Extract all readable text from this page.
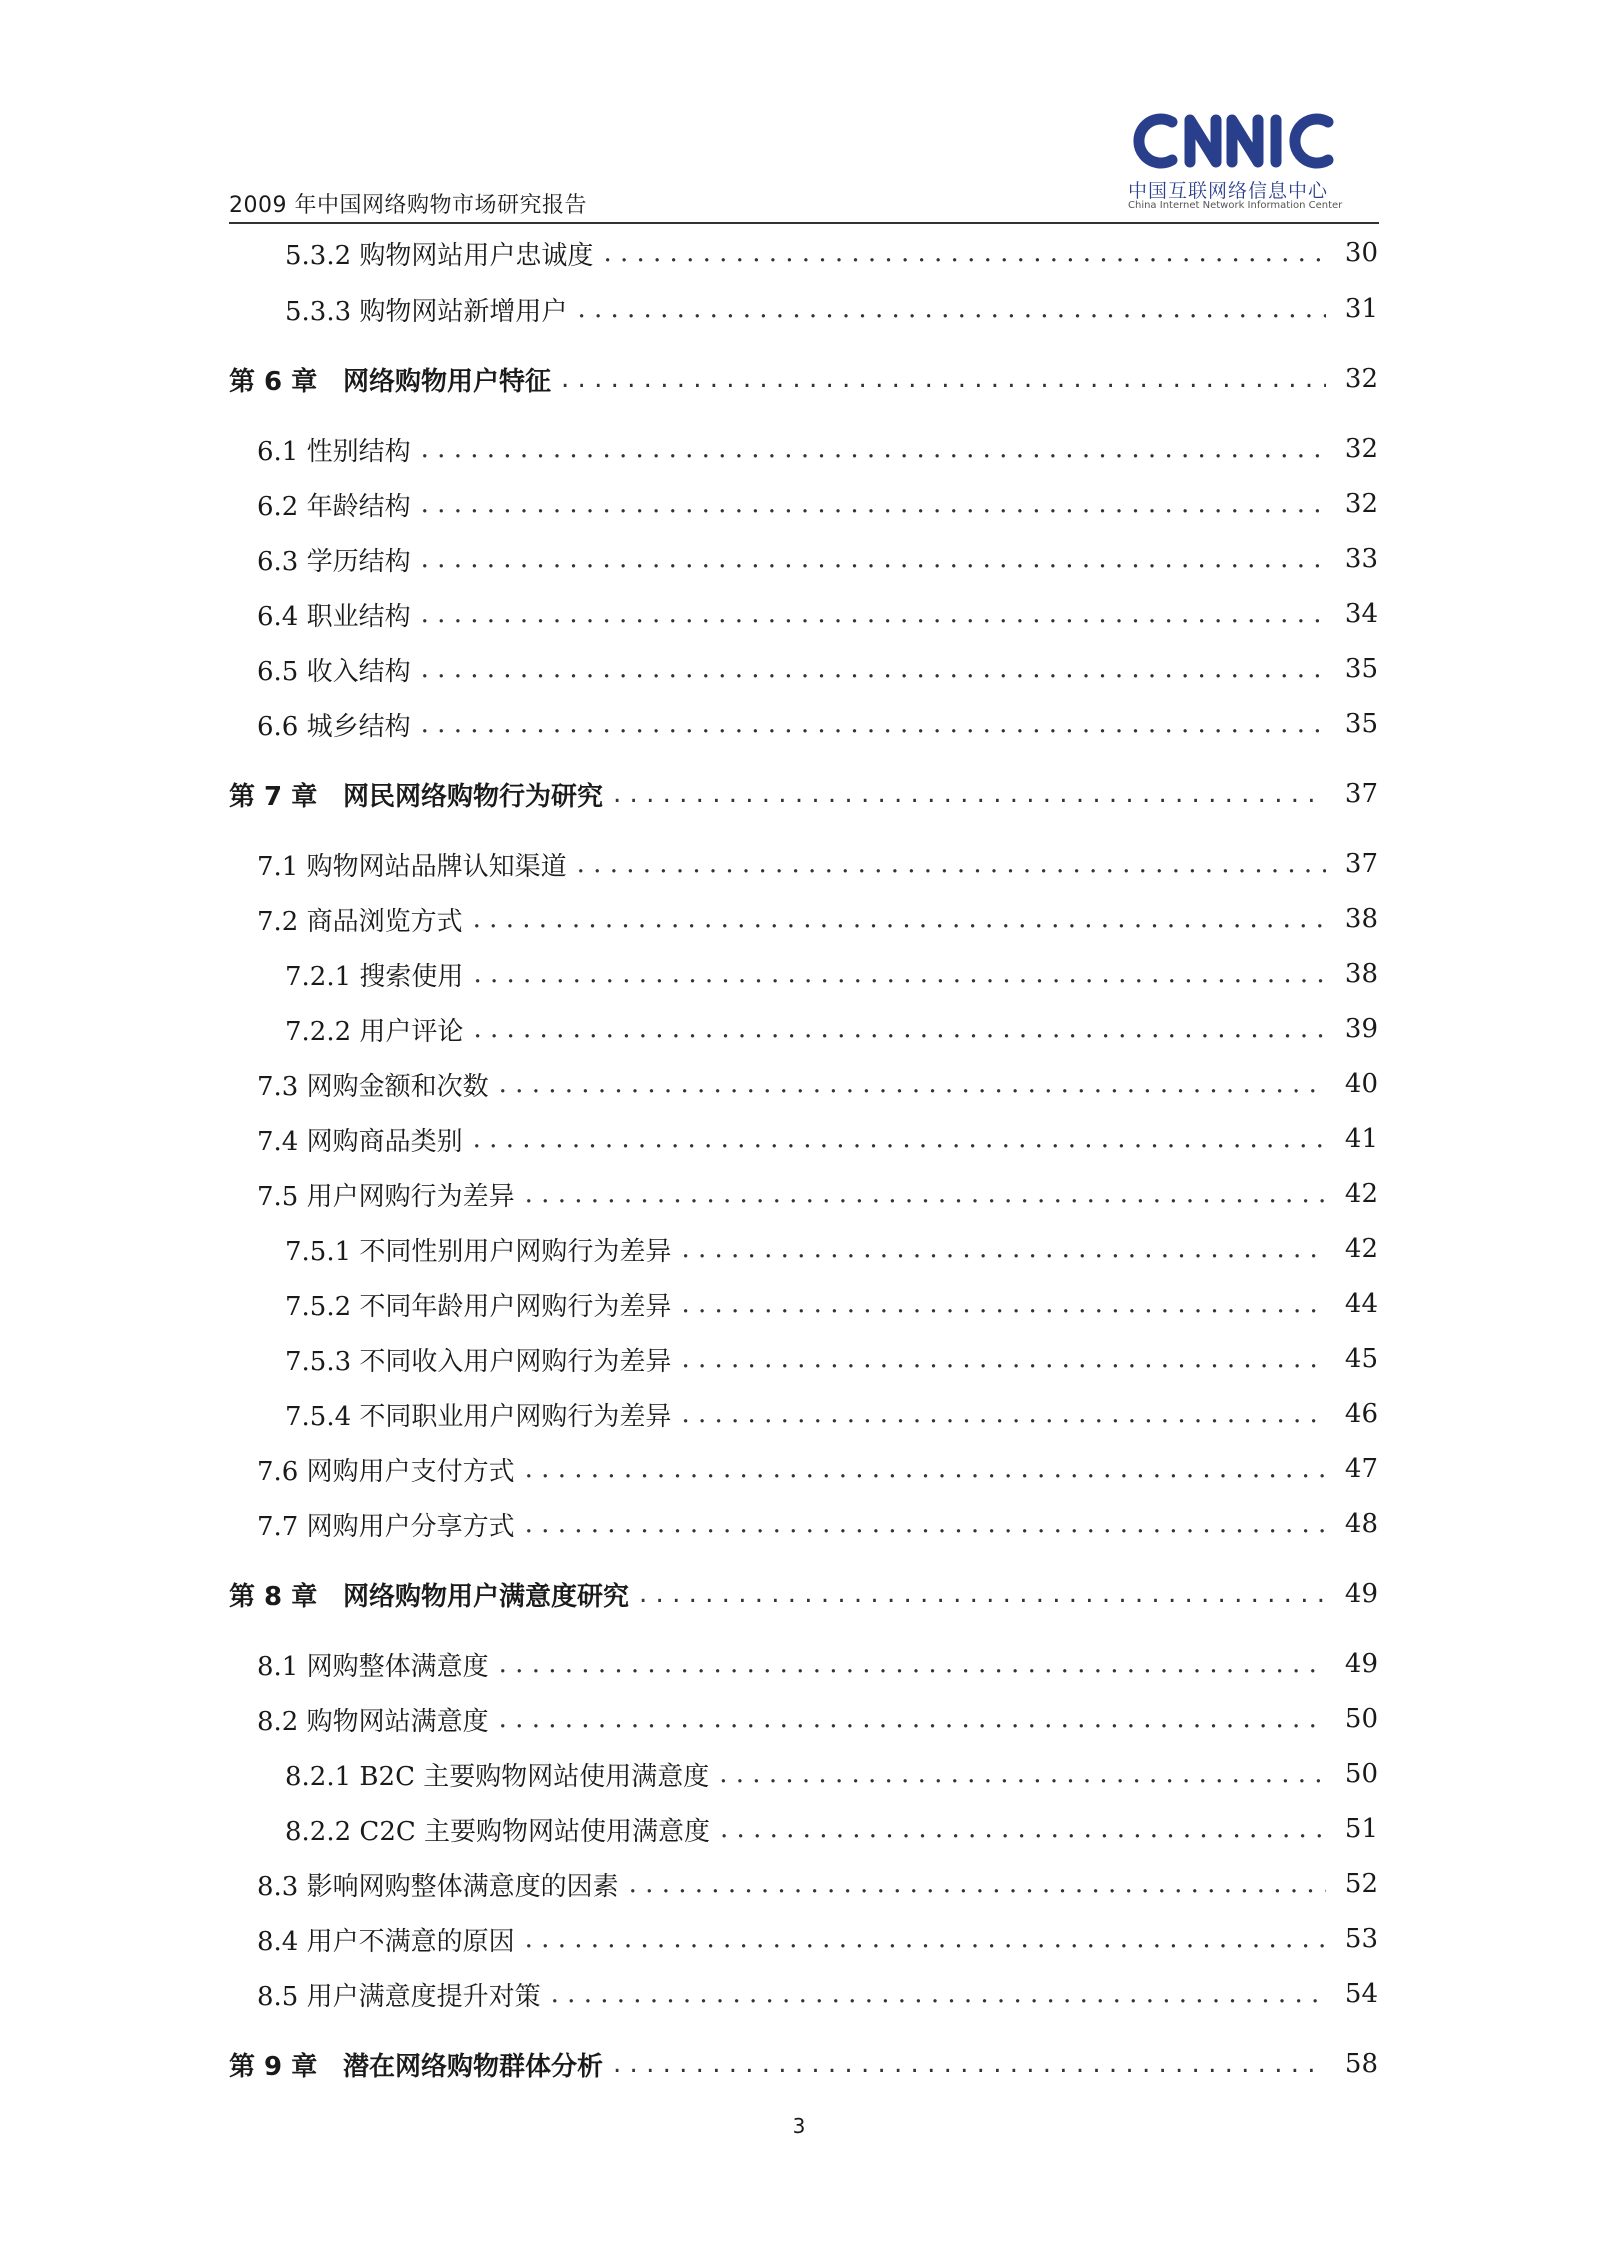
2009 年中国网络购物市场研究报告
中国互联网络信息中心
China Internet Network Information Center
5.3.2 购物网站用户忠诚度 . . .	30
5.3.3 购物网站新增用户 . . .	31
第 6 章 网络购物用户特征 . . .	32
6.1 性别结构 . . .	32
6.2 年龄结构 . . .	32
6.3 学历结构 . . .	33
6.4 职业结构 . . .	34
6.5 收入结构 . . .	35
6.6 城乡结构 . . .	35
第 7 章 网民网络购物行为研究 . . .	37
7.1 购物网站品牌认知渠道 . . .	37
7.2 商品浏览方式 . . .	38
7.2.1 搜索使用 . . .	38
7.2.2 用户评论 . . .	39
7.3 网购金额和次数 . . .	40
7.4 网购商品类别 . . .	41
7.5 用户网购行为差异 . . .	42
7.5.1 不同性别用户网购行为差异 . . .	42
7.5.2 不同年龄用户网购行为差异 . . .	44
7.5.3 不同收入用户网购行为差异 . . .	45
7.5.4 不同职业用户网购行为差异 . . .	46
7.6 网购用户支付方式 . . .	47
7.7 网购用户分享方式 . . .	48
第 8 章 网络购物用户满意度研究 . . .	49
8.1 网购整体满意度 . . .	49
8.2 购物网站满意度 . . .	50
8.2.1 B2C 主要购物网站使用满意度 . . .	50
8.2.2 C2C 主要购物网站使用满意度 . . .	51
8.3 影响网购整体满意度的因素 . . .	52
8.4 用户不满意的原因 . . .	53
8.5 用户满意度提升对策 . . .	54
第 9 章 潜在网络购物群体分析 . . .	58
3
